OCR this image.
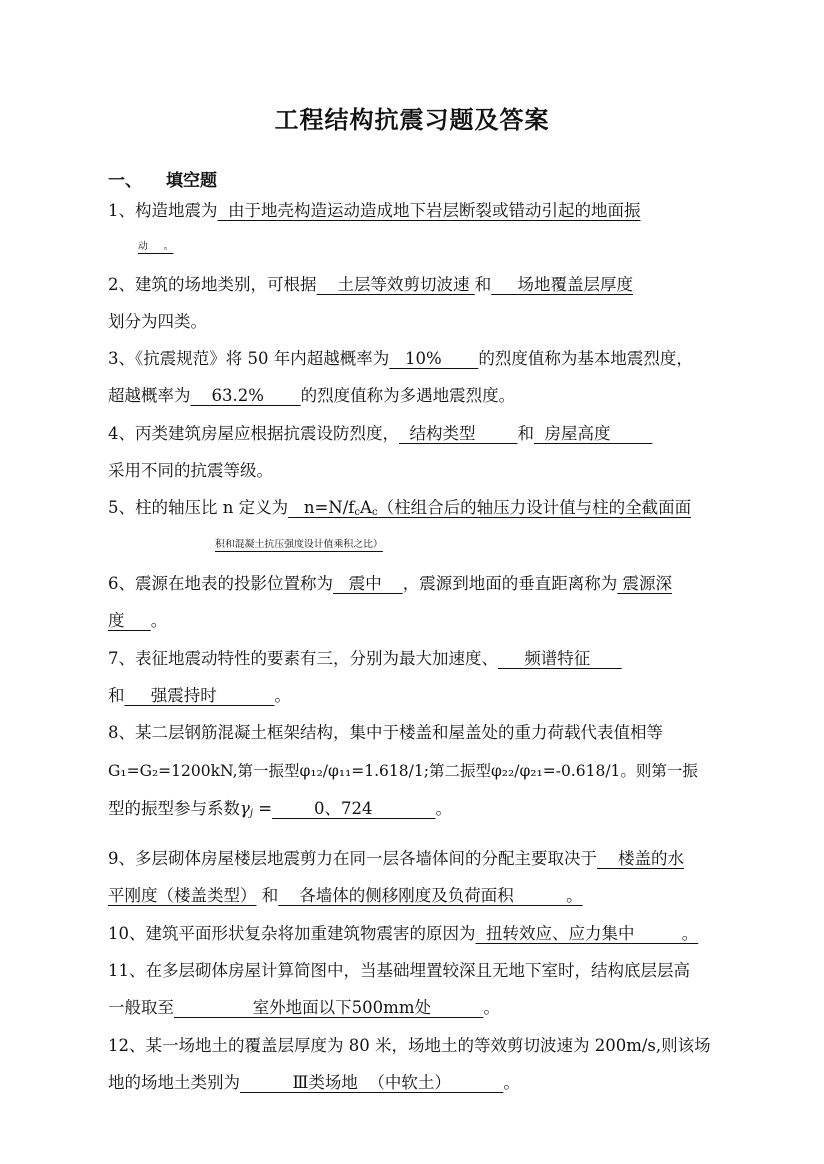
工程结构抗震习题及答案
一、 填空题
1、构造地震为  由于地壳构造运动造成地下岩层断裂或错动引起的地面振
动     。
2、建筑的场地类别，可根据    土层等效剪切波速 和     场地覆盖层厚度
划分为四类。
3、《抗震规范》将 50 年内超越概率为   10%       的烈度值称为基本地震烈度，
超越概率为    63.2%       的烈度值称为多遇地震烈度。
4、丙类建筑房屋应根据抗震设防烈度，  结构类型        和  房屋高度
采用不同的抗震等级。
5、柱的轴压比 n 定义为   $n=N/f_cA_c$（柱组合后的轴压力设计值与柱的全截面面
积和混凝土抗压强度设计值乘积之比）
6、震源在地表的投影位置称为   震中    ，震源到地面的垂直距离称为 震源深
度     。
7、表征地震动特性的要素有三，分别为最大加速度、     频谱特征
和     强震持时           。
8、某二层钢筋混凝土框架结构，集中于楼盖和屋盖处的重力荷载代表值相等
G₁=G₂=1200kN,第一振型φ₁₂/φ₁₁=1.618/1;第二振型φ₂₂/φ₂₁=-0.618/1。则第一振
型的振型参与系数$\gamma_j$ =        0、724            。
9、多层砌体房屋楼层地震剪力在同一层各墙体间的分配主要取决于    楼盖的水
平刚度（楼盖类型） 和    各墙体的侧移刚度及负荷面积          。
10、建筑平面形状复杂将加重建筑物震害的原因为  扭转效应、应力集中         。
11、在多层砌体房屋计算简图中，当基础埋置较深且无地下室时，结构底层层高
一般取至               室外地面以下500mm处          。
12、某一场地土的覆盖层厚度为 80 米，场地土的等效剪切波速为 200m/s,则该场
地的场地土类别为          Ⅲ类场地  （中软土）          。
